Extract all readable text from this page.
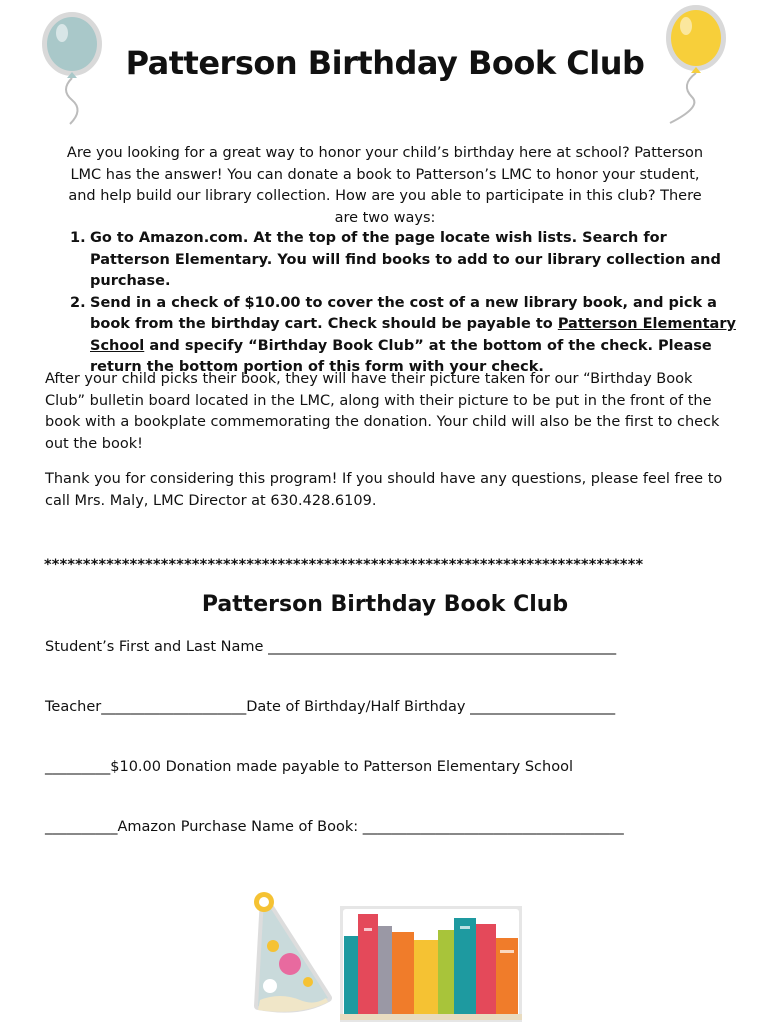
Patterson Birthday Book Club
Are you looking for a great way to honor your child’s birthday here at school? Patterson LMC has the answer! You can donate a book to Patterson’s LMC to honor your student, and help build our library collection. How are you able to participate in this club? There are two ways:
1. Go to Amazon.com. At the top of the page locate wish lists. Search for Patterson Elementary. You will find books to add to our library collection and purchase.
2. Send in a check of $10.00 to cover the cost of a new library book, and pick a book from the birthday cart. Check should be payable to Patterson Elementary School and specify “Birthday Book Club” at the bottom of the check. Please return the bottom portion of this form with your check.
After your child picks their book, they will have their picture taken for our “Birthday Book Club” bulletin board located in the LMC, along with their picture to be put in the front of the book with a bookplate commemorating the donation. Your child will also be the first to check out the book!
Thank you for considering this program! If you should have any questions, please feel free to call Mrs. Maly, LMC Director at 630.428.6109.
*****************************************************************************
Patterson Birthday Book Club
Student’s First and Last Name ________________________________________________
Teacher____________________Date of Birthday/Half Birthday ____________________
_________$10.00 Donation made payable to Patterson Elementary School
__________Amazon Purchase Name of Book: ____________________________________
